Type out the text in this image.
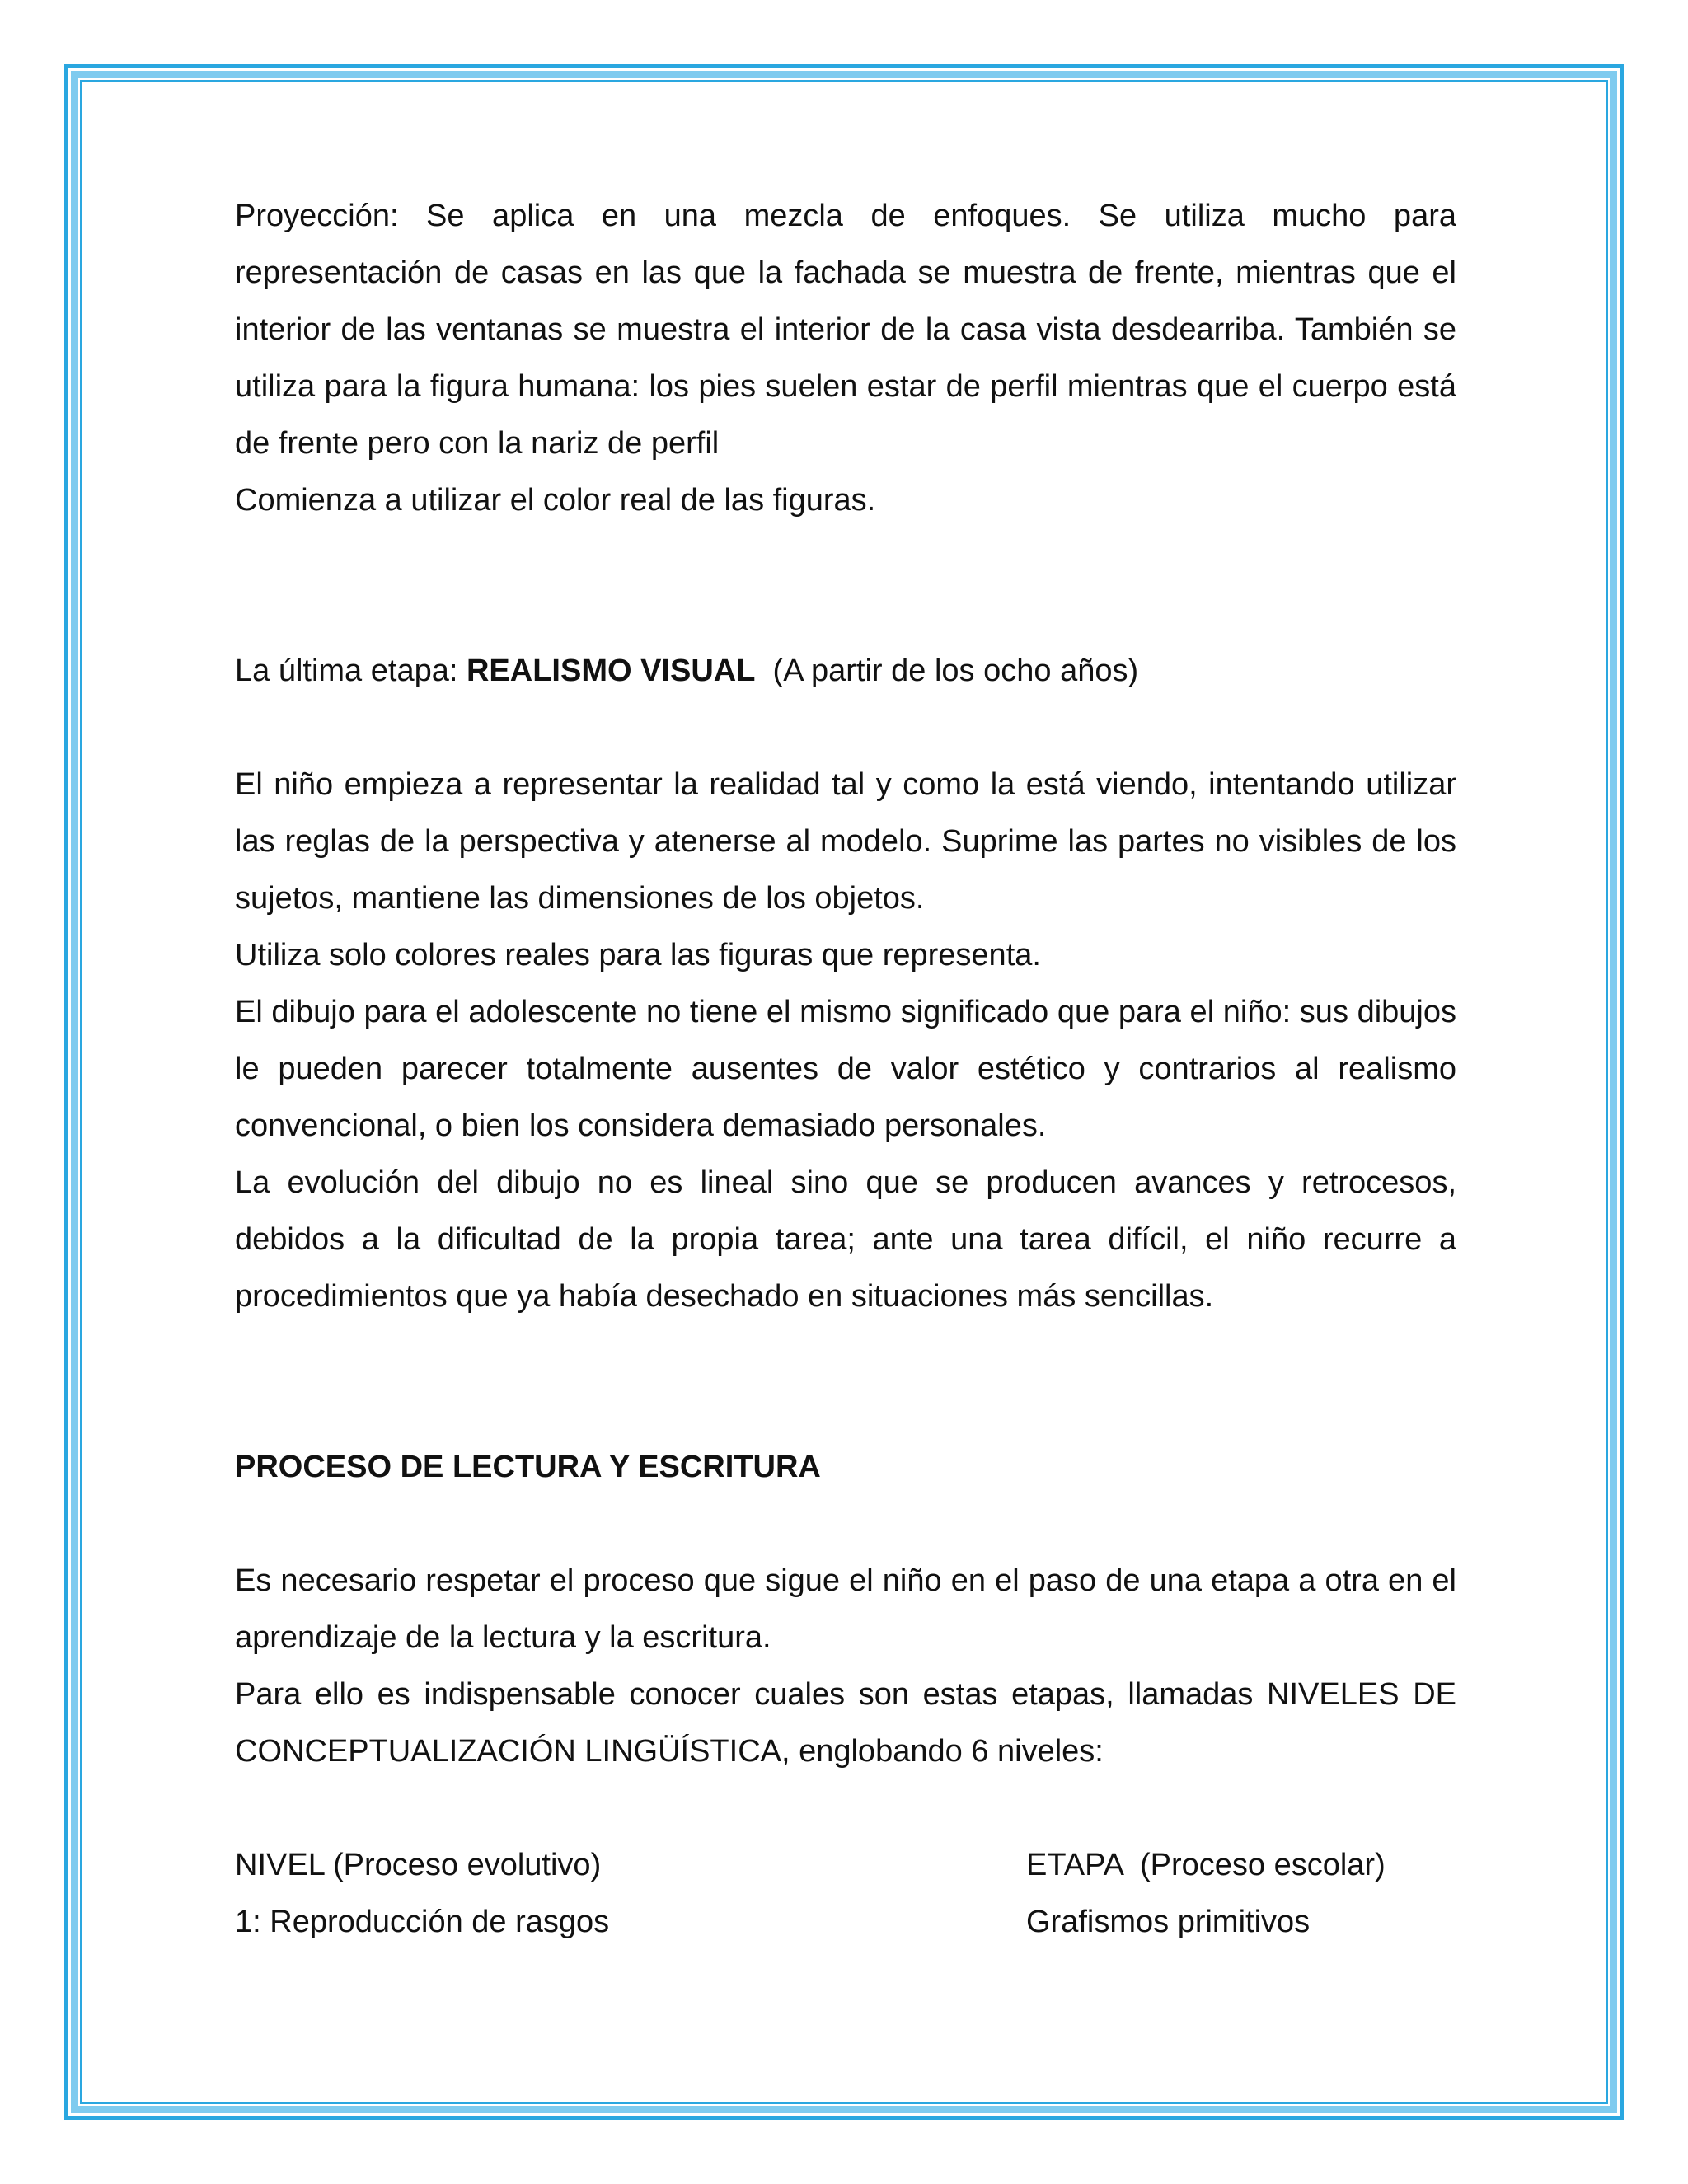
Proyección: Se aplica en una mezcla de enfoques. Se utiliza mucho para representación de casas en las que la fachada se muestra de frente, mientras que el interior de las ventanas se muestra el interior de la casa vista desdearriba. También se utiliza para la figura humana: los pies suelen estar de perfil mientras que el cuerpo está de frente pero con la nariz de perfil

Comienza a utilizar el color real de las figuras.

La última etapa: REALISMO VISUAL  (A partir de los ocho años)

El niño empieza a representar la realidad tal y como la está viendo, intentando utilizar las reglas de la perspectiva y atenerse al modelo. Suprime las partes no visibles de los sujetos, mantiene las dimensiones de los objetos.

Utiliza solo colores reales para las figuras que representa.

El dibujo para el adolescente no tiene el mismo significado que para el niño: sus dibujos le pueden parecer totalmente ausentes de valor estético y contrarios al realismo convencional, o bien los considera demasiado personales.

La evolución del dibujo no es lineal sino que se producen avances y retrocesos, debidos a la dificultad de la propia tarea; ante una tarea difícil, el niño recurre a procedimientos que ya había desechado en situaciones más sencillas.

PROCESO DE LECTURA Y ESCRITURA

Es necesario respetar el proceso que sigue el niño en el paso de una etapa a otra en el aprendizaje de la lectura y la escritura.

Para ello es indispensable conocer cuales son estas etapas, llamadas NIVELES DE CONCEPTUALIZACIÓN LINGÜÍSTICA, englobando 6 niveles:

NIVEL (Proceso evolutivo)	ETAPA  (Proceso escolar)
1: Reproducción de rasgos	Grafismos primitivos
